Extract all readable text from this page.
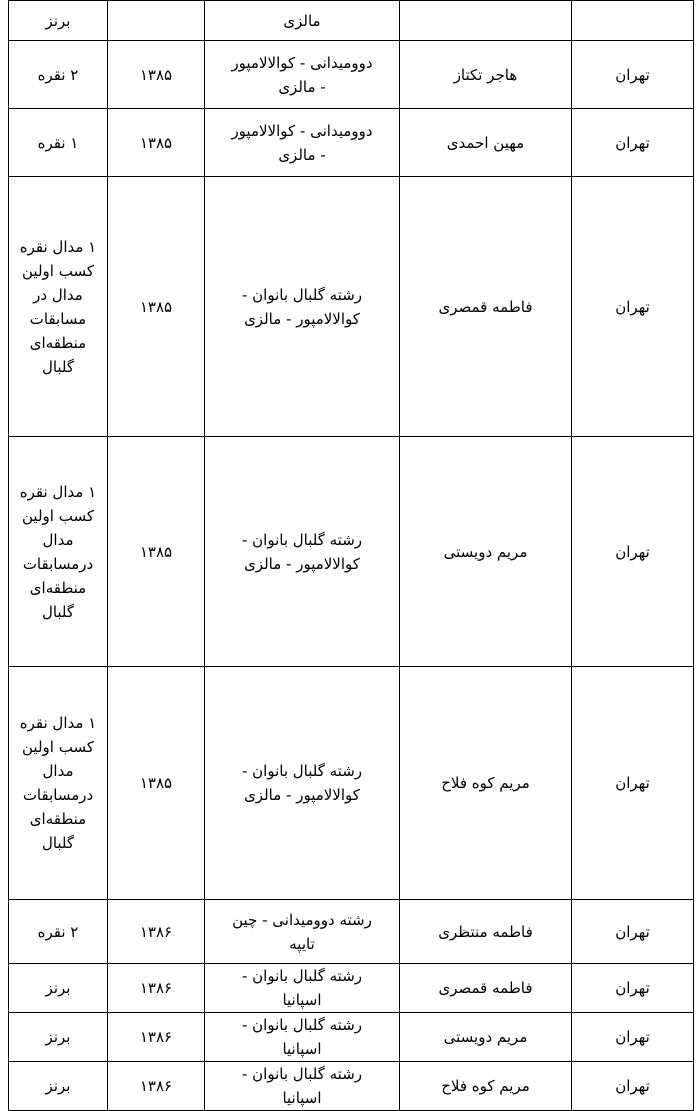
		مالزی		برنز
تهران	هاجر تکتاز	دوومیدانی - کوالالامپور - مالزی	۱۳۸۵	۲ نقره
تهران	مهین احمدی	دوومیدانی - کوالالامپور - مالزی	۱۳۸۵	۱ نقره
تهران	فاطمه قمصری	رشته گلبال بانوان - کوالالامپور - مالزی	۱۳۸۵	۱ مدال نقره کسب اولین مدال در مسابقات منطقه‌ای گلبال
تهران	مریم دویستی	رشته گلبال بانوان - کوالالامپور - مالزی	۱۳۸۵	۱ مدال نقره کسب اولین مدال درمسابقات منطقه‌ای گلبال
تهران	مریم کوه فلاح	رشته گلبال بانوان - کوالالامپور - مالزی	۱۳۸۵	۱ مدال نقره کسب اولین مدال درمسابقات منطقه‌ای گلبال
تهران	فاطمه منتظری	رشته دوومیدانی - چین تایپه	۱۳۸۶	۲ نقره
تهران	فاطمه قمصری	رشته گلبال بانوان - اسپانیا	۱۳۸۶	برنز
تهران	مریم دویستی	رشته گلبال بانوان - اسپانیا	۱۳۸۶	برنز
تهران	مریم کوه فلاح	رشته گلبال بانوان - اسپانیا	۱۳۸۶	برنز
